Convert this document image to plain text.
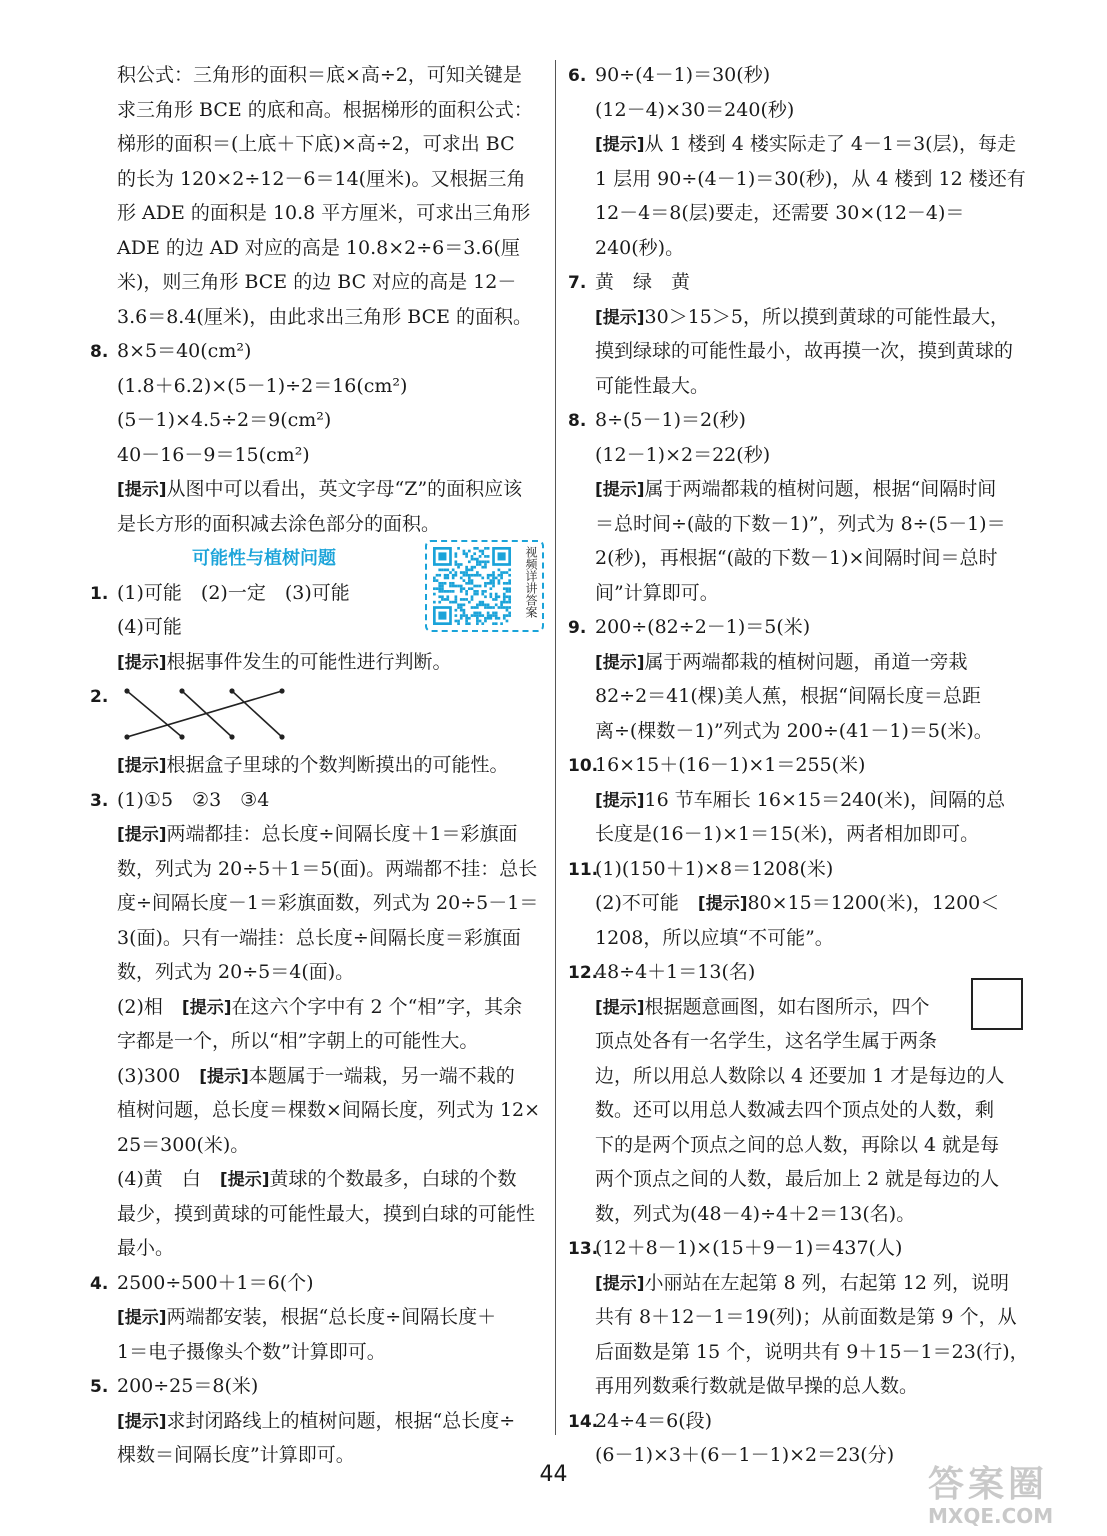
积公式：三角形的面积＝底×高÷2，可知关键是
求三角形 BCE 的底和高。根据梯形的面积公式：
梯形的面积＝(上底＋下底)×高÷2，可求出 BC
的长为 120×2÷12－6＝14(厘米)。又根据三角
形 ADE 的面积是 10.8 平方厘米，可求出三角形
ADE 的边 AD 对应的高是 10.8×2÷6＝3.6(厘
米)，则三角形 BCE 的边 BC 对应的高是 12－
3.6＝8.4(厘米)，由此求出三角形 BCE 的面积。
8. 8×5＝40(cm²)
(1.8＋6.2)×(5－1)÷2＝16(cm²)
(5－1)×4.5÷2＝9(cm²)
40－16－9＝15(cm²)
[提示]从图中可以看出，英文字母“Z”的面积应该
是长方形的面积减去涂色部分的面积。
可能性与植树问题
1. (1)可能　(2)一定　(3)可能
(4)可能
[提示]根据事件发生的可能性进行判断。
2.
[提示]根据盒子里球的个数判断摸出的可能性。
3. (1)①5　②3　③4
[提示]两端都挂：总长度÷间隔长度＋1＝彩旗面
数，列式为 20÷5＋1＝5(面)。两端都不挂：总长
度÷间隔长度－1＝彩旗面数，列式为 20÷5－1＝
3(面)。只有一端挂：总长度÷间隔长度＝彩旗面
数，列式为 20÷5＝4(面)。
(2)相　[提示]在这六个字中有 2 个“相”字，其余
字都是一个，所以“相”字朝上的可能性大。
(3)300　[提示]本题属于一端栽，另一端不栽的
植树问题，总长度＝棵数×间隔长度，列式为 12×
25＝300(米)。
(4)黄　白　[提示]黄球的个数最多，白球的个数
最少，摸到黄球的可能性最大，摸到白球的可能性
最小。
4. 2500÷500＋1＝6(个)
[提示]两端都安装，根据“总长度÷间隔长度＋
1＝电子摄像头个数”计算即可。
5. 200÷25＝8(米)
[提示]求封闭路线上的植树问题，根据“总长度÷
棵数＝间隔长度”计算即可。
6. 90÷(4－1)＝30(秒)
(12－4)×30＝240(秒)
[提示]从 1 楼到 4 楼实际走了 4－1＝3(层)，每走
1 层用 90÷(4－1)＝30(秒)，从 4 楼到 12 楼还有
12－4＝8(层)要走，还需要 30×(12－4)＝
240(秒)。
7. 黄　绿　黄
[提示]30＞15＞5，所以摸到黄球的可能性最大，
摸到绿球的可能性最小，故再摸一次，摸到黄球的
可能性最大。
8. 8÷(5－1)＝2(秒)
(12－1)×2＝22(秒)
[提示]属于两端都栽的植树问题，根据“间隔时间
＝总时间÷(敲的下数－1)”，列式为 8÷(5－1)＝
2(秒)，再根据“(敲的下数－1)×间隔时间＝总时
间”计算即可。
9. 200÷(82÷2－1)＝5(米)
[提示]属于两端都栽的植树问题，甬道一旁栽
82÷2＝41(棵)美人蕉，根据“间隔长度＝总距
离÷(棵数－1)”列式为 200÷(41－1)＝5(米)。
10.16×15＋(16－1)×1＝255(米)
[提示]16 节车厢长 16×15＝240(米)，间隔的总
长度是(16－1)×1＝15(米)，两者相加即可。
11.(1)(150＋1)×8＝1208(米)
(2)不可能　[提示]80×15＝1200(米)，1200＜
1208，所以应填“不可能”。
12.48÷4＋1＝13(名)
[提示]根据题意画图，如右图所示，四个
顶点处各有一名学生，这名学生属于两条
边，所以用总人数除以 4 还要加 1 才是每边的人
数。还可以用总人数减去四个顶点处的人数，剩
下的是两个顶点之间的总人数，再除以 4 就是每
两个顶点之间的人数，最后加上 2 就是每边的人
数，列式为(48－4)÷4＋2＝13(名)。
13.(12＋8－1)×(15＋9－1)＝437(人)
[提示]小丽站在左起第 8 列，右起第 12 列，说明
共有 8＋12－1＝19(列)；从前面数是第 9 个，从
后面数是第 15 个，说明共有 9＋15－1＝23(行)，
再用列数乘行数就是做早操的总人数。
14.24÷4＝6(段)
(6－1)×3＋(6－1－1)×2＝23(分)
视频详讲答案
44	答案圈
MXQE.COM
